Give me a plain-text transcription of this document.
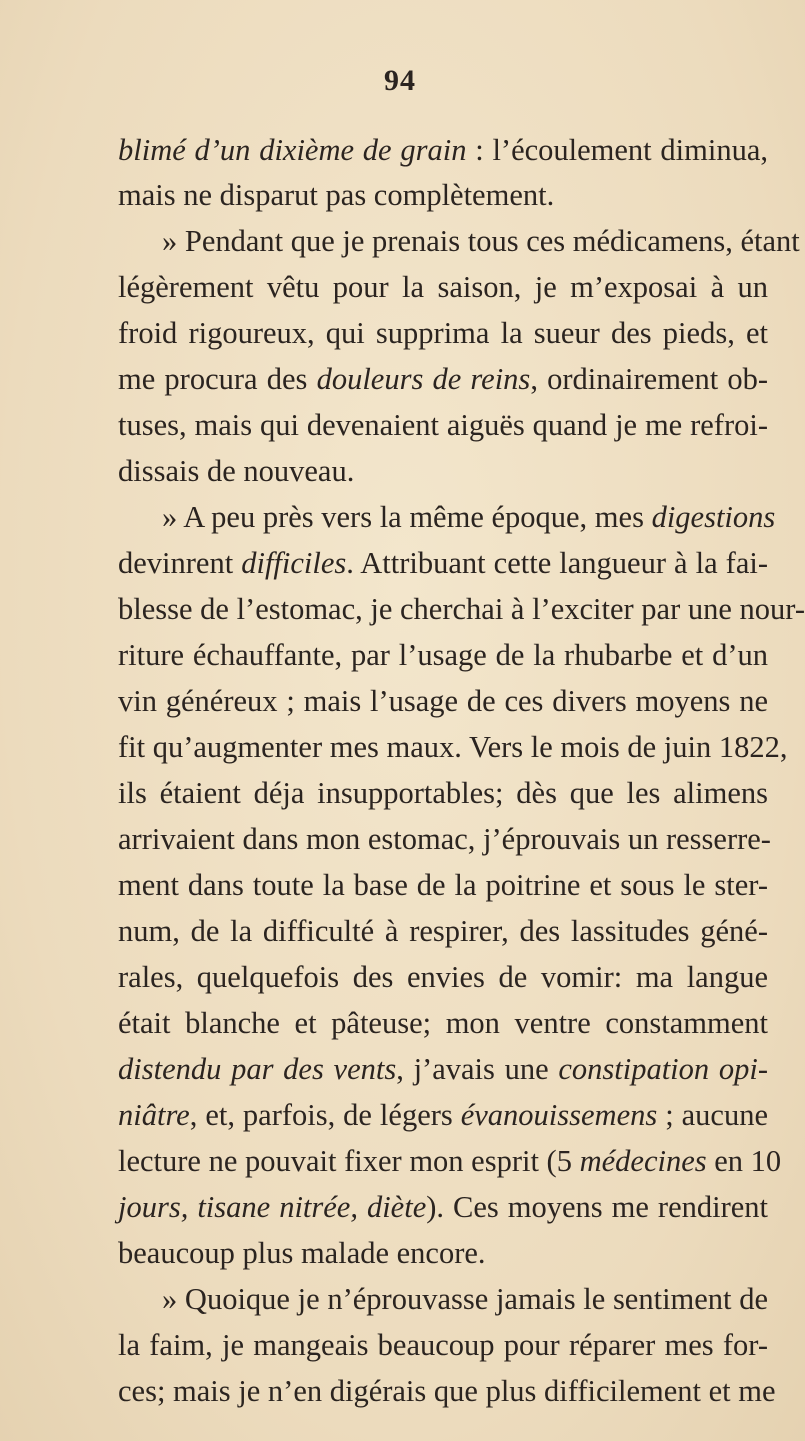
94
blimé d’un dixième de grain : l’écoulement diminua,
mais ne disparut pas complètement.
» Pendant que je prenais tous ces médicamens, étant
légèrement vêtu pour la saison, je m’exposai à un
froid rigoureux, qui supprima la sueur des pieds, et
me procura des douleurs de reins, ordinairement ob-
tuses, mais qui devenaient aiguës quand je me refroi-
dissais de nouveau.
» A peu près vers la même époque, mes digestions
devinrent difficiles. Attribuant cette langueur à la fai-
blesse de l’estomac, je cherchai à l’exciter par une nour-
riture échauffante, par l’usage de la rhubarbe et d’un
vin généreux ; mais l’usage de ces divers moyens ne
fit qu’augmenter mes maux. Vers le mois de juin 1822,
ils étaient déja insupportables; dès que les alimens
arrivaient dans mon estomac, j’éprouvais un resserre-
ment dans toute la base de la poitrine et sous le ster-
num, de la difficulté à respirer, des lassitudes géné-
rales, quelquefois des envies de vomir: ma langue
était blanche et pâteuse; mon ventre constamment
distendu par des vents, j’avais une constipation opi-
niâtre, et, parfois, de légers évanouissemens ; aucune
lecture ne pouvait fixer mon esprit (5 médecines en 10
jours, tisane nitrée, diète). Ces moyens me rendirent
beaucoup plus malade encore.
» Quoique je n’éprouvasse jamais le sentiment de
la faim, je mangeais beaucoup pour réparer mes for-
ces; mais je n’en digérais que plus difficilement et me
